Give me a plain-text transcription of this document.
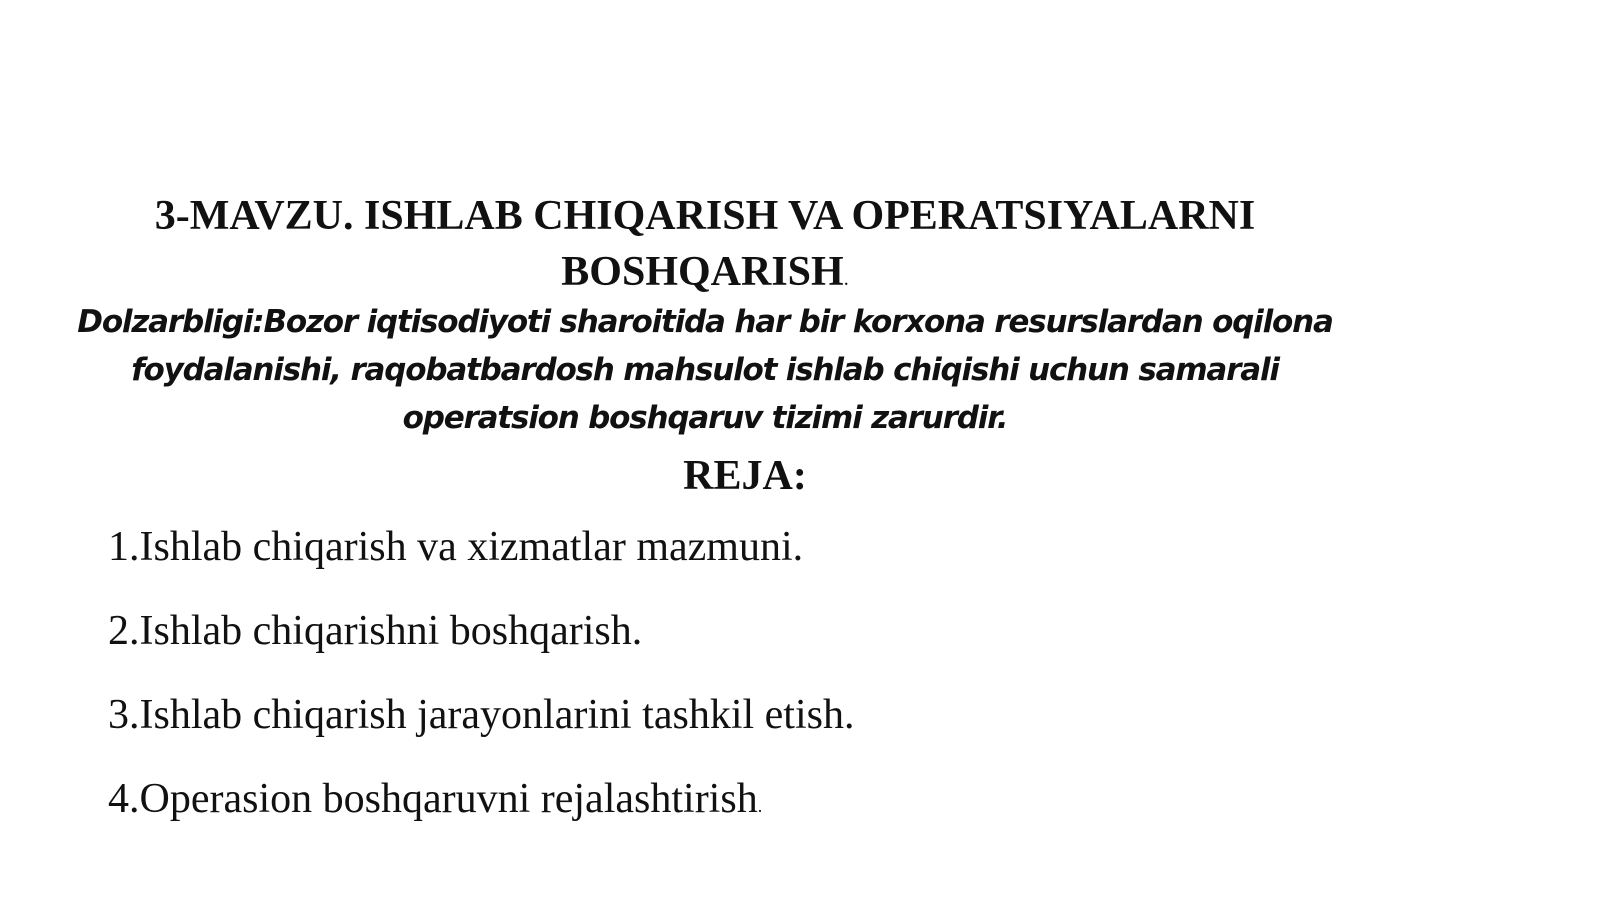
3-MAVZU. ISHLAB CHIQARISH VA OPERATSIYALARNI
BOSHQARISH.
Dolzarbligi:Bozor iqtisodiyoti sharoitida har bir korxona resurslardan oqilona
foydalanishi, raqobatbardosh mahsulot ishlab chiqishi uchun samarali
operatsion boshqaruv tizimi zarurdir.
REJA:
1.Ishlab chiqarish va xizmatlar mazmuni.
2.Ishlab chiqarishni boshqarish.
3.Ishlab chiqarish jarayonlarini tashkil etish.
4.Operasion boshqaruvni rejalashtirish.
